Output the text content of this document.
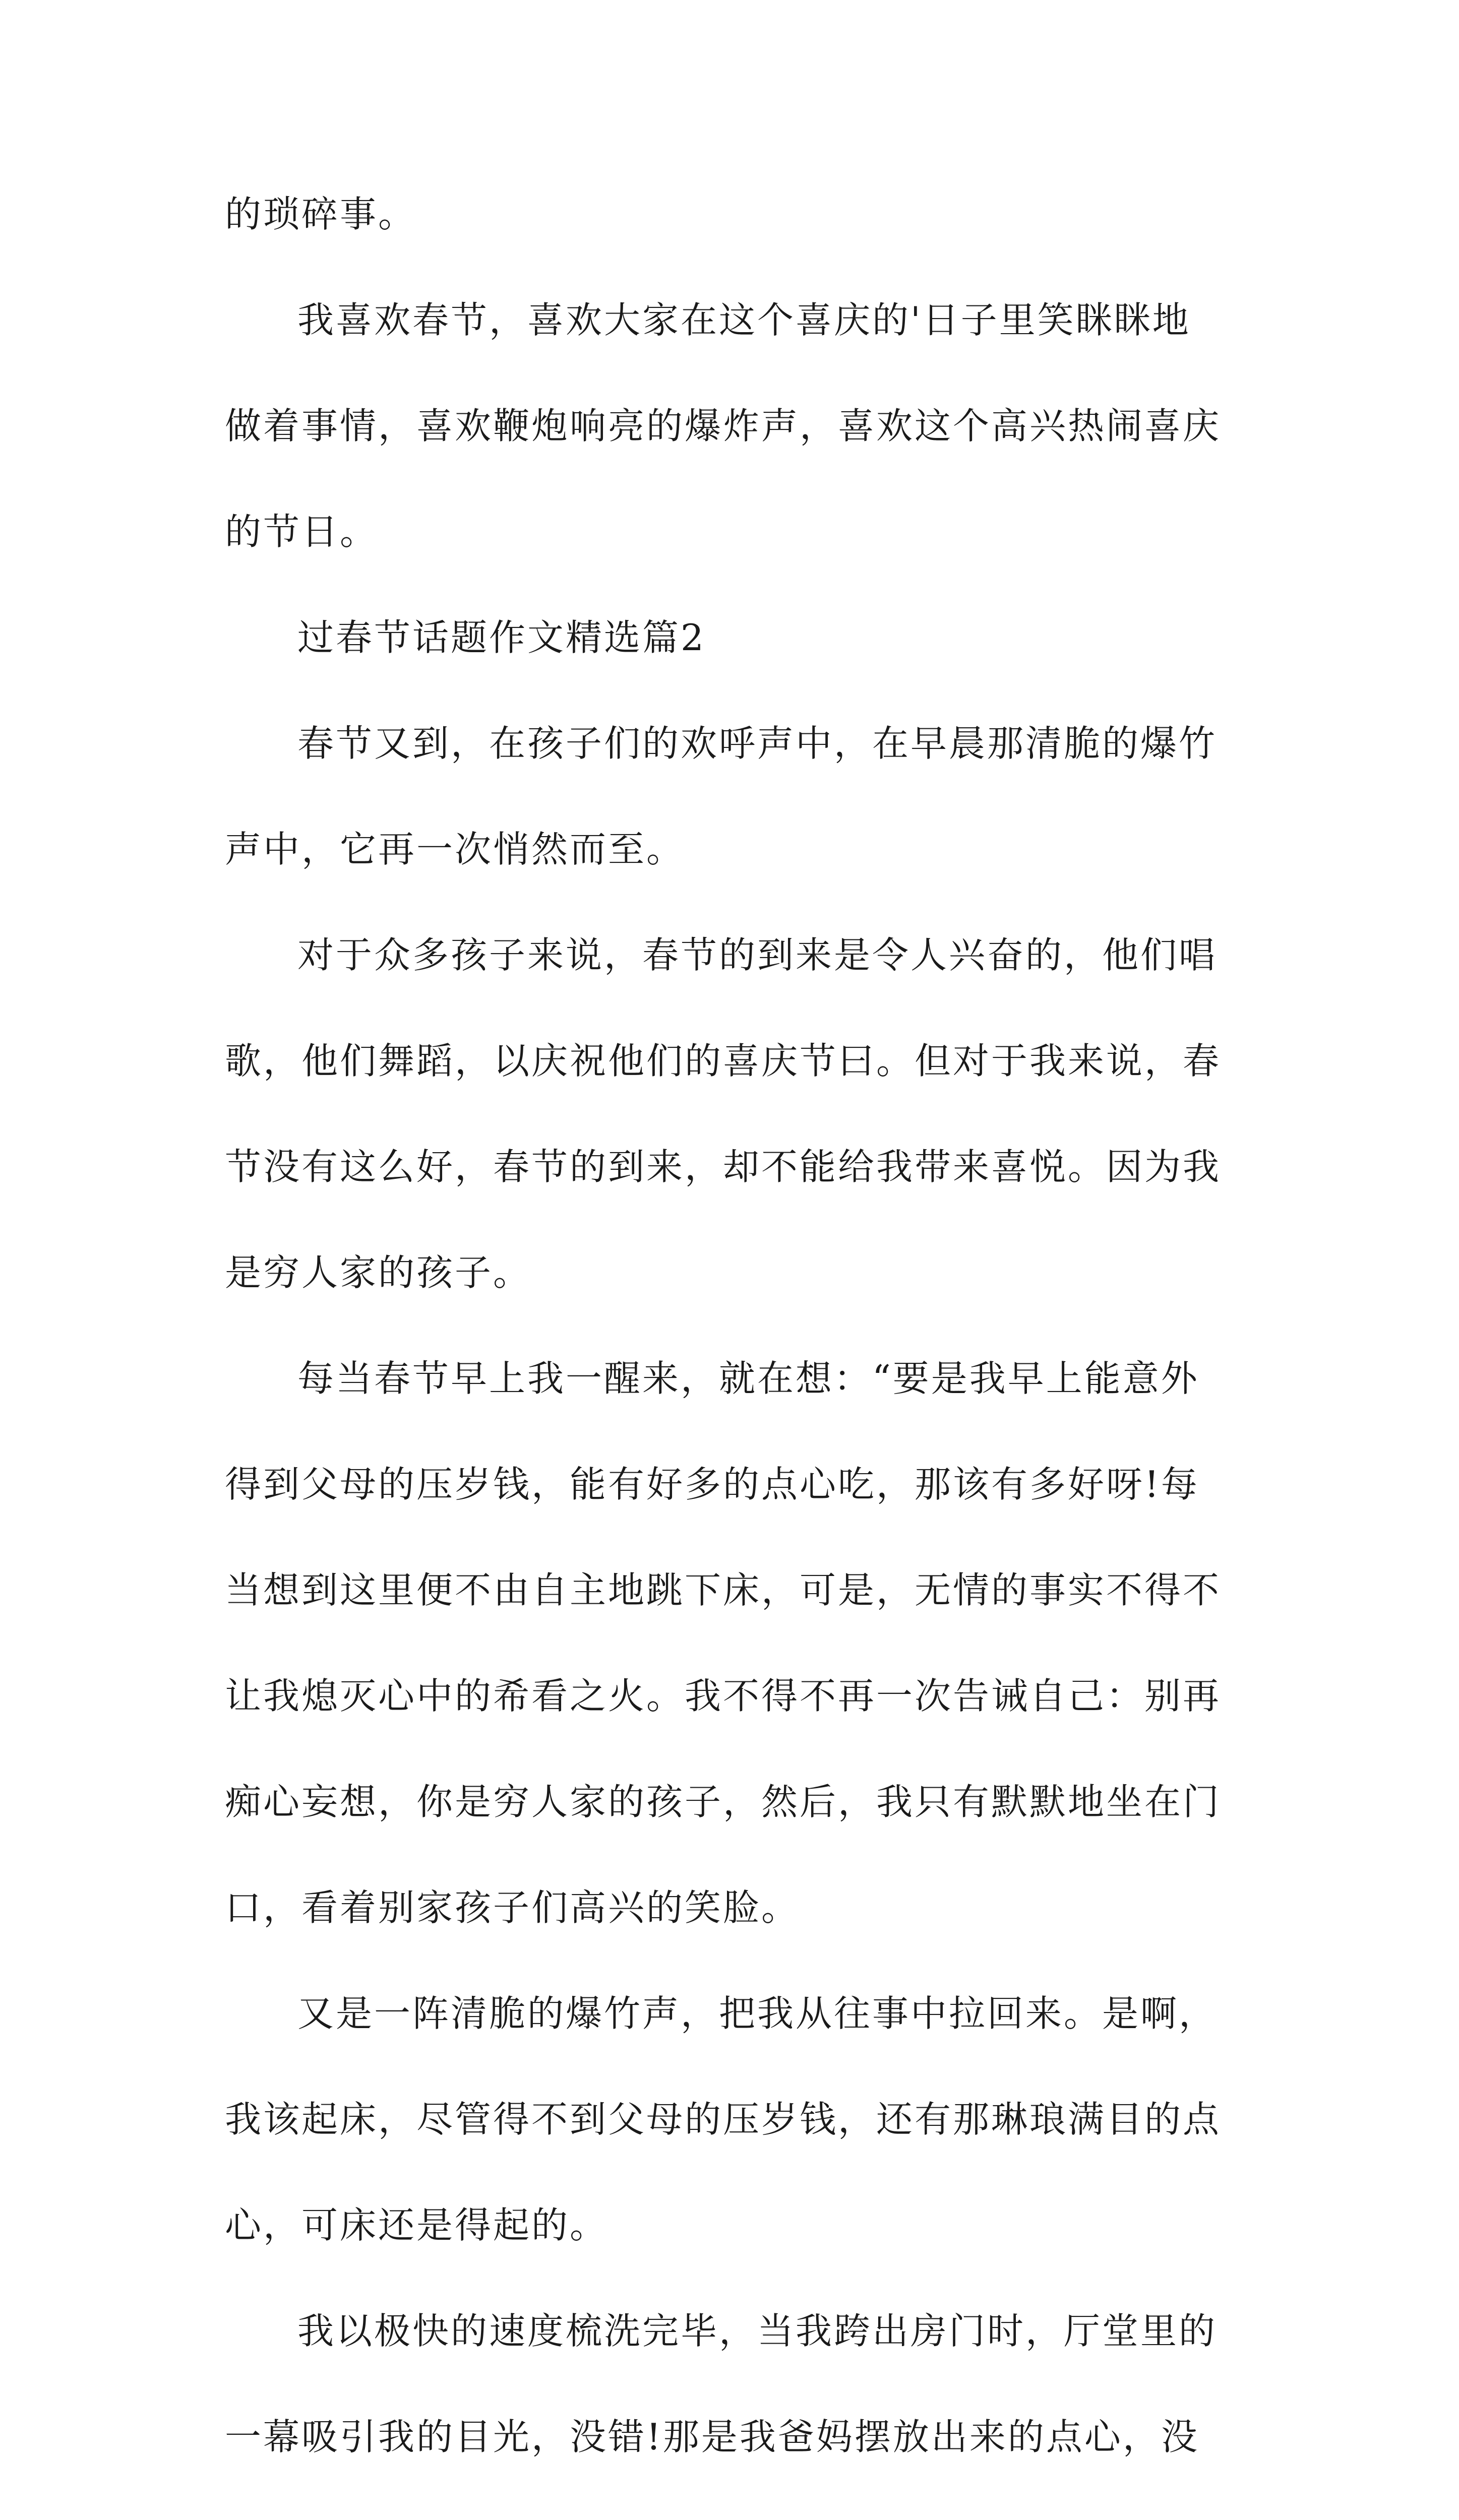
的琐碎事。

我喜欢春节，喜欢大家在这个喜庆的'日子里笑眯眯地

做着事情，喜欢鞭炮响亮的爆炸声，喜欢这个高兴热闹喜庆

的节日。

过春节话题作文精选篇2

春节又到，在孩子们的欢呼声中，在早晨那清脆的爆竹

声中，它再一次悄然而至。

对于众多孩子来说，春节的到来是令人兴奋的，他们唱

歌，他们舞蹈，以庆祝他们的喜庆节曰。但对于我来说，春

节没有这么好，春节的到来，却不能给我带来喜悦。因为我

是穷人家的孩子。

每当春节早上我一醒来，就在想：“要是我早上能意外

得到父母的压岁钱，能有好多的点心吃，那该有多好呀!每

当想到这里便不由自主地跳下床，可是，无情的事实不得不

让我熄灭心中的希看之火。我不得不再一次告诫自己：别再

痴心妄想，你是穷人家的孩子，然后，我只有默默地坐在门

口，看着别家孩子们高兴的笑脸。

又是一阵清脆的爆竹声，把我从往事中拉回来。是啊，

我该起床，尽管得不到父母的压岁钱，还有那琳琅满目的点

心，可床还是得起的。

我以极快的速度梳洗完毕，当我跨出房门时，厅堂里的

一幕吸引我的目光，没错!那是我爸妈摆放出来的点心，没
